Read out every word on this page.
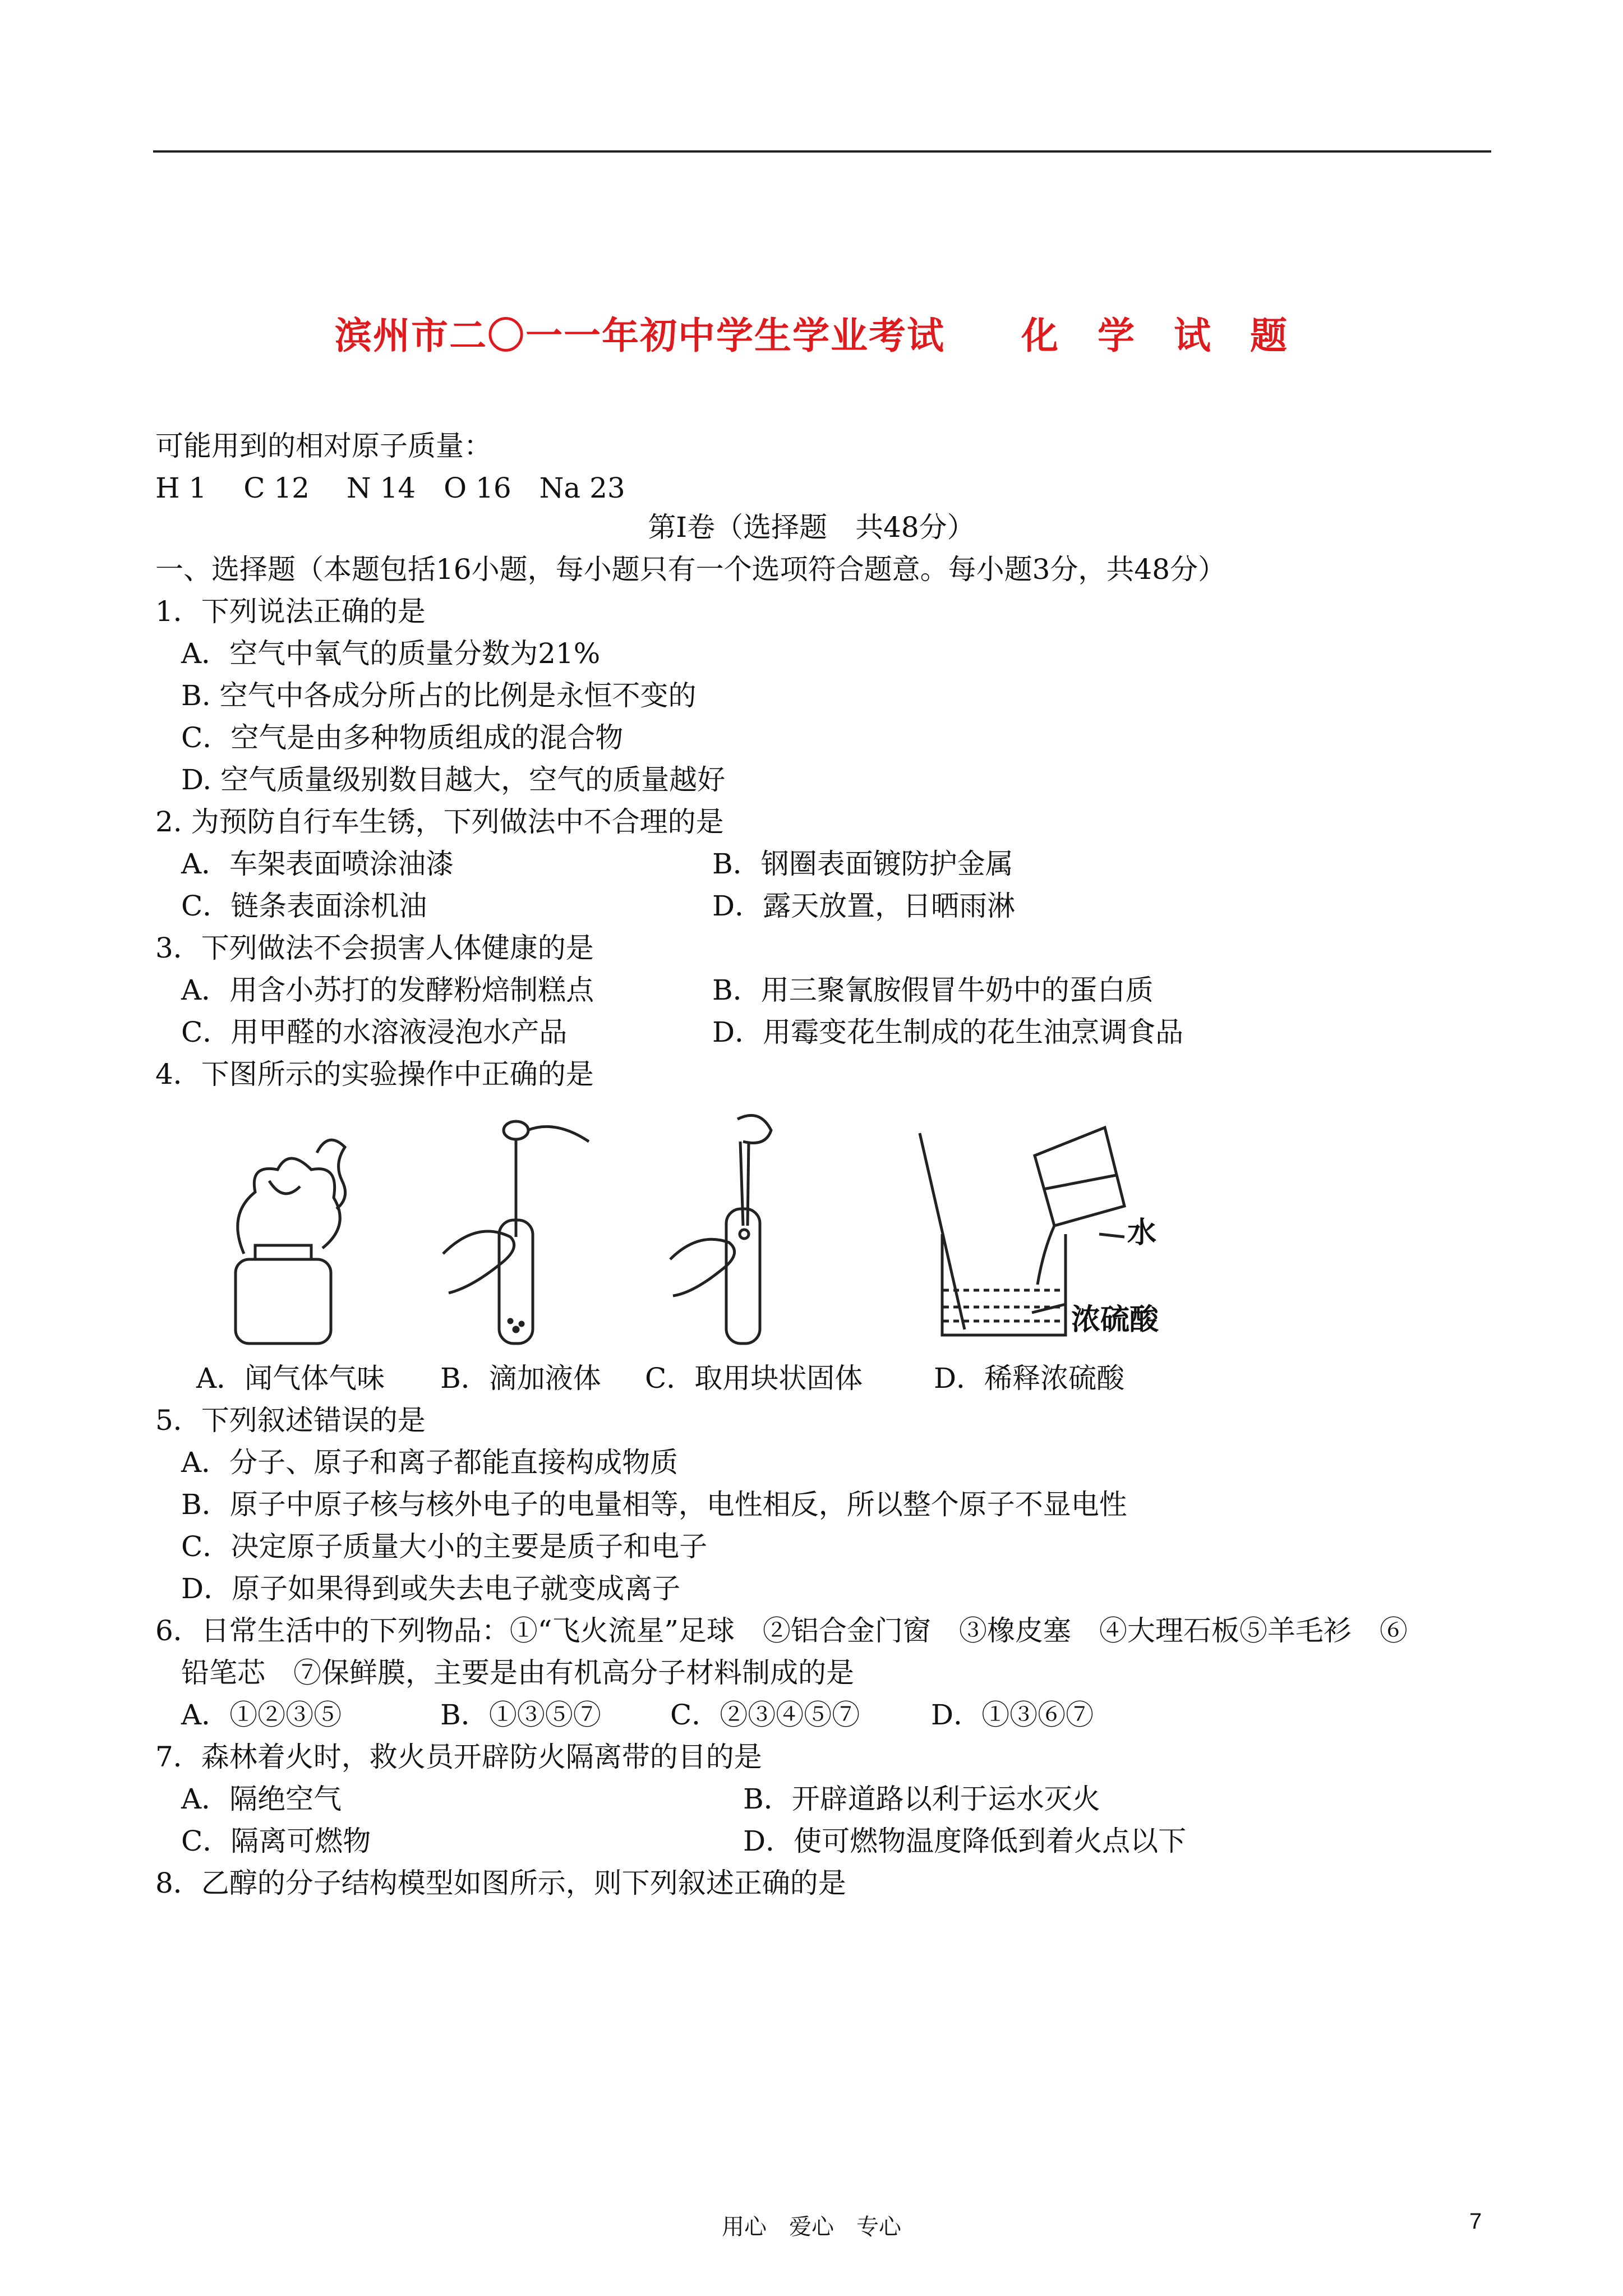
滨州市二〇一一年初中学生学业考试　　化　学　试　题
可能用到的相对原子质量：
H 1　 C 12　 N 14　O 16　Na 23
第Ⅰ卷（选择题　共48分）
一、选择题（本题包括16小题，每小题只有一个选项符合题意。每小题3分，共48分）
1．下列说法正确的是
A．空气中氧气的质量分数为21%
B. 空气中各成分所占的比例是永恒不变的
C．空气是由多种物质组成的混合物
D. 空气质量级别数目越大，空气的质量越好
2. 为预防自行车生锈，下列做法中不合理的是
A．车架表面喷涂油漆	B．钢圈表面镀防护金属
C．链条表面涂机油	D．露天放置，日晒雨淋
3．下列做法不会损害人体健康的是
A．用含小苏打的发酵粉焙制糕点	B．用三聚氰胺假冒牛奶中的蛋白质
C．用甲醛的水溶液浸泡水产品	D．用霉变花生制成的花生油烹调食品
4．下图所示的实验操作中正确的是
水
浓硫酸
A．闻气体气味 B．滴加液体 C．取用块状固体	D．稀释浓硫酸
5．下列叙述错误的是
A．分子、原子和离子都能直接构成物质
B．原子中原子核与核外电子的电量相等，电性相反，所以整个原子不显电性
C．决定原子质量大小的主要是质子和电子
D．原子如果得到或失去电子就变成离子
6．日常生活中的下列物品：①“飞火流星”足球　②铝合金门窗　③橡皮塞　④大理石板⑤羊毛衫　⑥
铅笔芯　⑦保鲜膜，主要是由有机高分子材料制成的是
A．①②③⑤	B．①③⑤⑦ C．②③④⑤⑦	D．①③⑥⑦
7．森林着火时，救火员开辟防火隔离带的目的是
A．隔绝空气	B．开辟道路以利于运水灭火
C．隔离可燃物	D．使可燃物温度降低到着火点以下
8．乙醇的分子结构模型如图所示，则下列叙述正确的是
用心　爱心　专心	7
